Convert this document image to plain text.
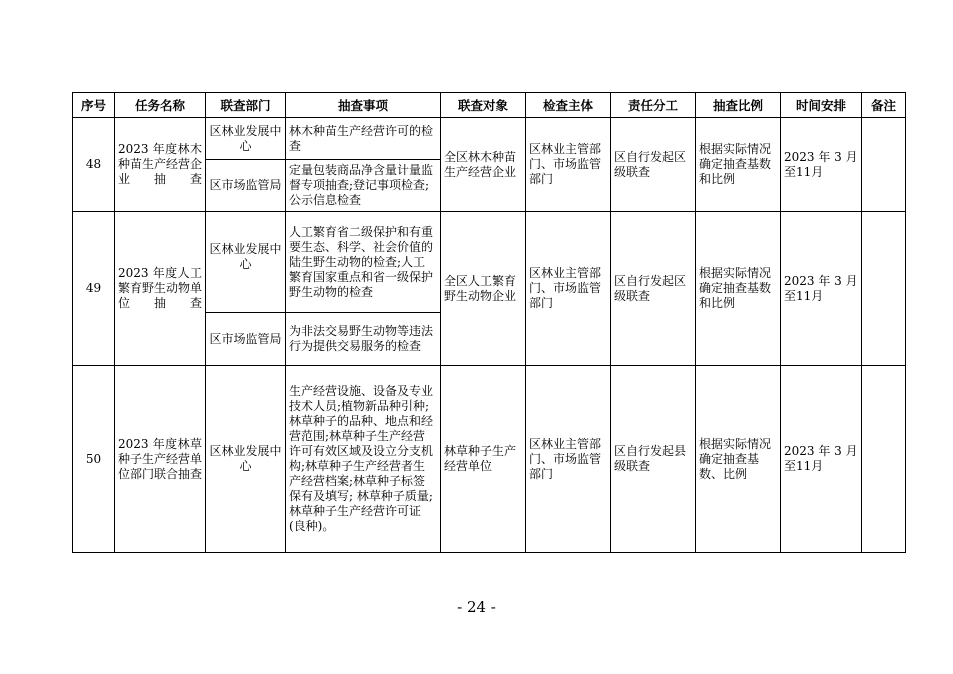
序号	任务名称	联查部门	抽查事项	联查对象	检查主体	责任分工	抽查比例	时间安排	备注
48	2023 年度林木种苗生产经营企业抽查	区林业发展中心	林木种苗生产经营许可的检查	全区林木种苗生产经营企业	区林业主管部门、市场监管部门	区自行发起区级联查	根据实际情况确定抽查基数和比例	2023 年 3 月至11月	
		区市场监管局	定量包装商品净含量计量监督专项抽查;登记事项检查;公示信息检查						
49	2023 年度人工繁育野生动物单位抽查	区林业发展中心	人工繁育省二级保护和有重要生态、科学、社会价值的陆生野生动物的检查;人工繁育国家重点和省一级保护野生动物的检查	全区人工繁育野生动物企业	区林业主管部门、市场监管部门	区自行发起区级联查	根据实际情况确定抽查基数和比例	2023 年 3 月至11月	
		区市场监管局	为非法交易野生动物等违法行为提供交易服务的检查						
50	2023 年度林草种子生产经营单位部门联合抽查	区林业发展中心	生产经营设施、设备及专业技术人员;植物新品种引种; 林草种子的品种、地点和经营范围;林草种子生产经营许可有效区域及设立分支机构;林草种子生产经营者生产经营档案;林草种子标签保有及填写; 林草种子质量;林草种子生产经营许可证(良种)。	林草种子生产经营单位	区林业主管部门、市场监管部门	区自行发起县级联查	根据实际情况确定抽查基数、比例	2023 年 3 月至11月	
- 24 -
